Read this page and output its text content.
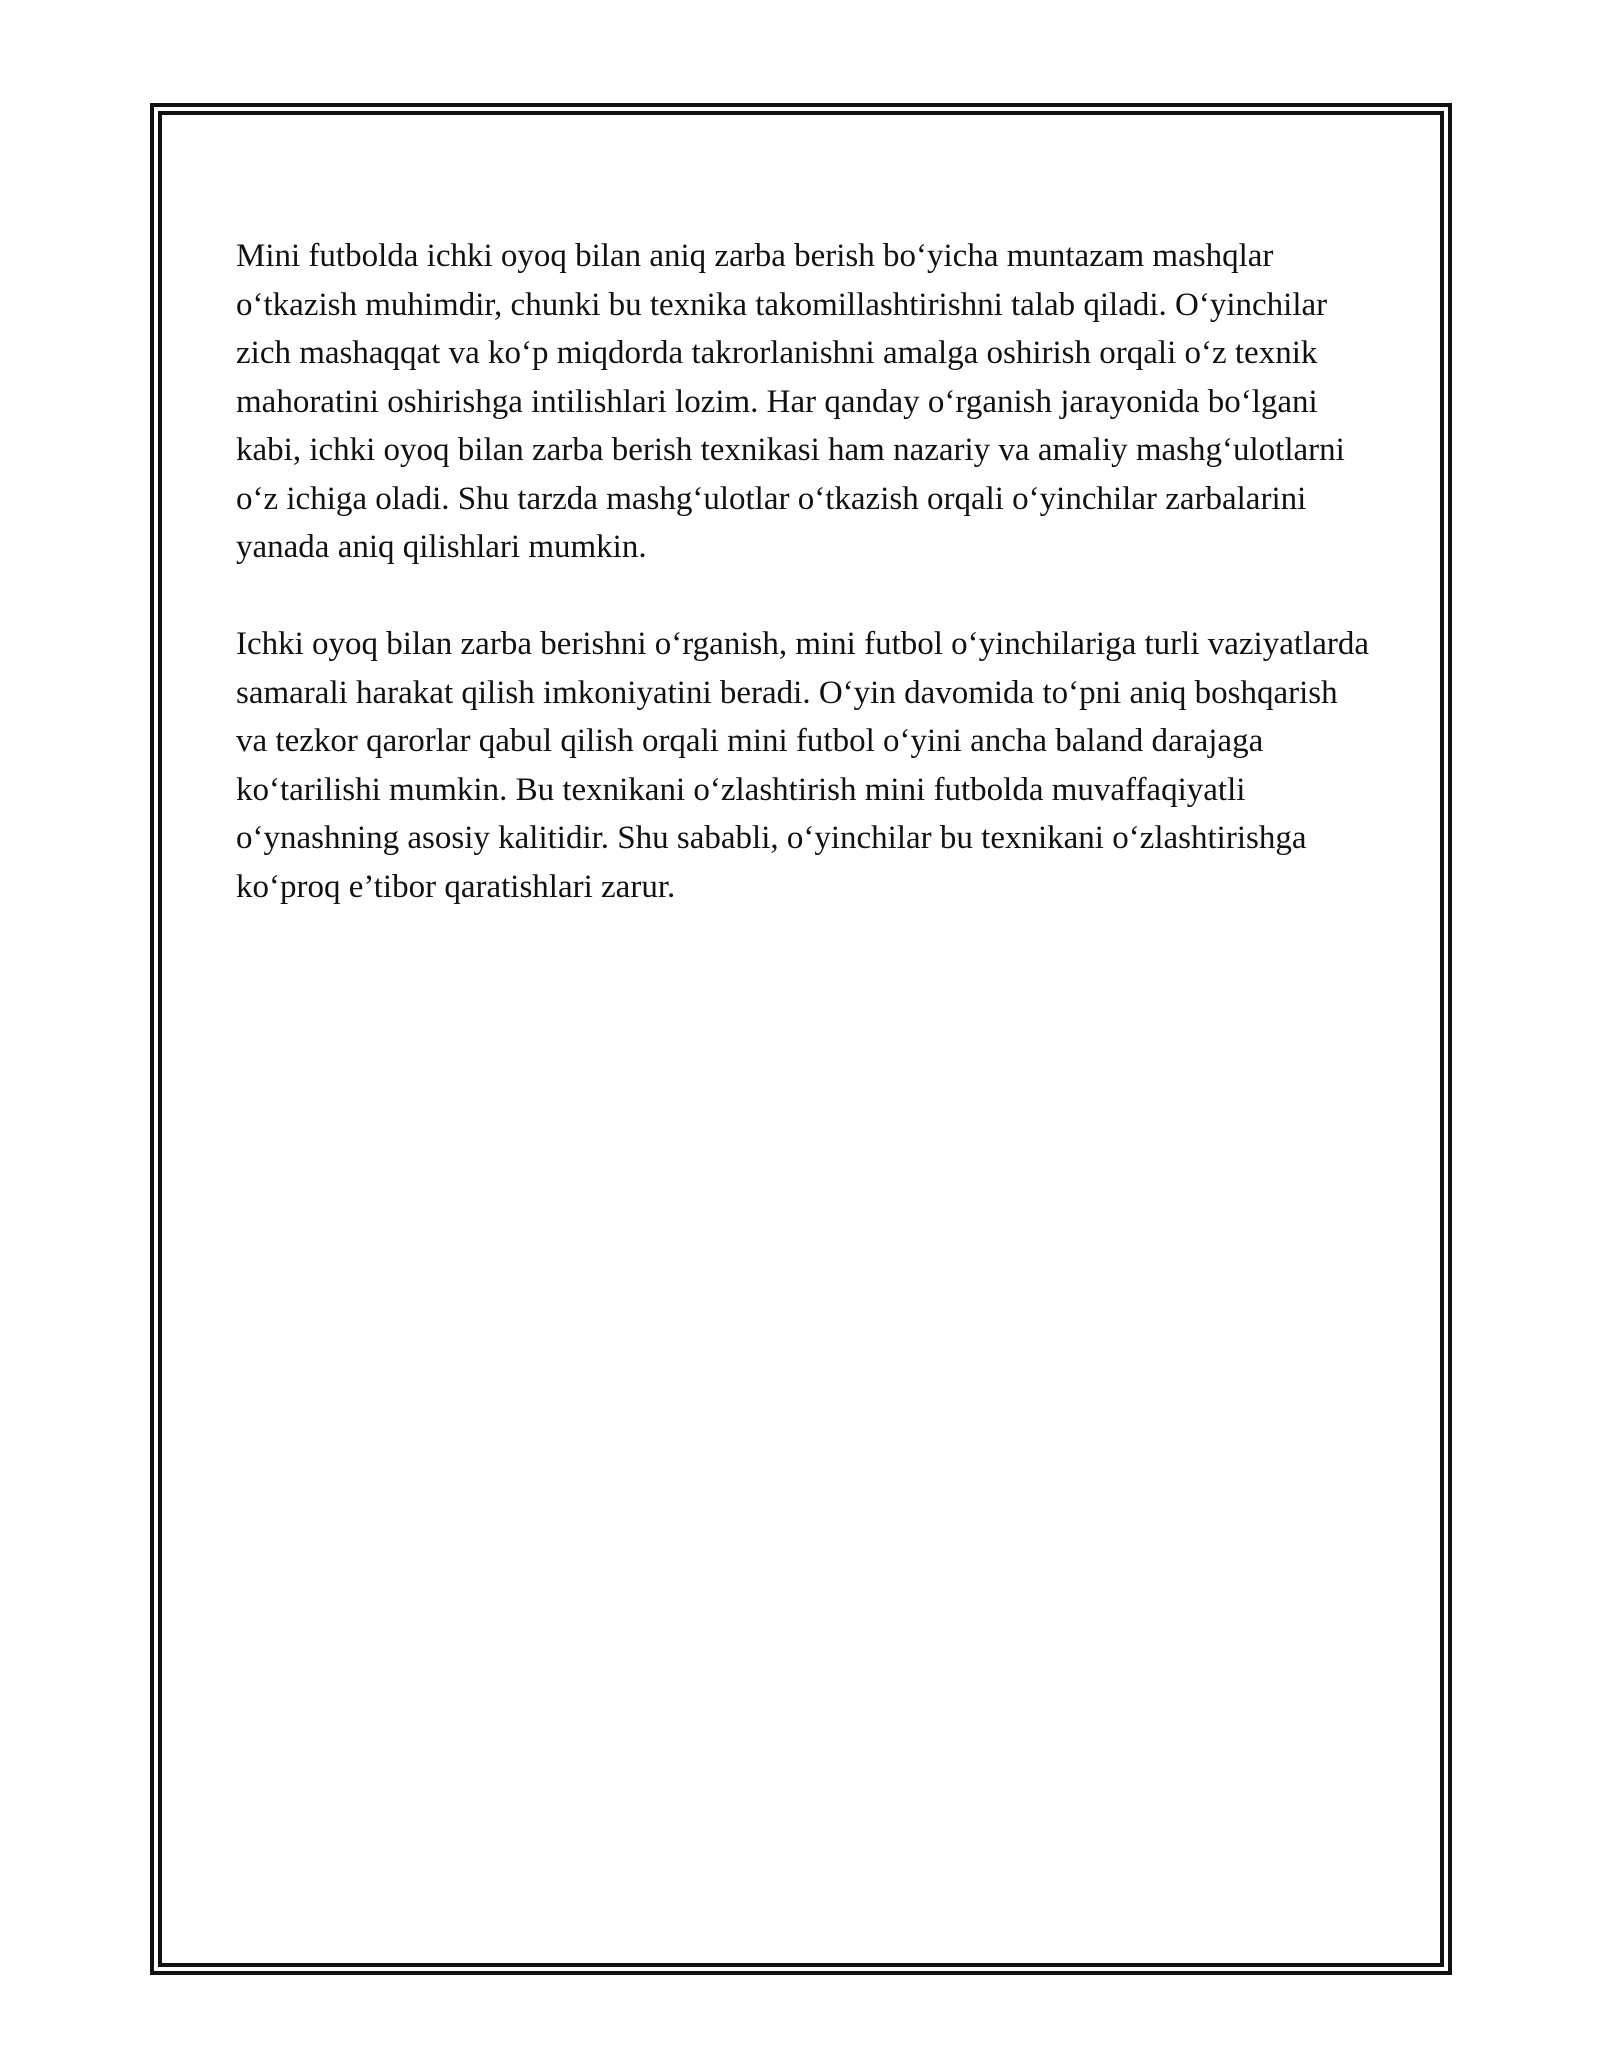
Mini futbolda ichki oyoq bilan aniq zarba berish bo‘yicha muntazam mashqlar o‘tkazish muhimdir, chunki bu texnika takomillashtirishni talab qiladi. O‘yinchilar zich mashaqqat va ko‘p miqdorda takrorlanishni amalga oshirish orqali o‘z texnik mahoratini oshirishga intilishlari lozim. Har qanday o‘rganish jarayonida bo‘lgani kabi, ichki oyoq bilan zarba berish texnikasi ham nazariy va amaliy mashg‘ulotlarni o‘z ichiga oladi. Shu tarzda mashg‘ulotlar o‘tkazish orqali o‘yinchilar zarbalarini yanada aniq qilishlari mumkin.

Ichki oyoq bilan zarba berishni o‘rganish, mini futbol o‘yinchilariga turli vaziyatlarda samarali harakat qilish imkoniyatini beradi. O‘yin davomida to‘pni aniq boshqarish va tezkor qarorlar qabul qilish orqali mini futbol o‘yini ancha baland darajaga ko‘tarilishi mumkin. Bu texnikani o‘zlashtirish mini futbolda muvaffaqiyatli o‘ynashning asosiy kalitidir. Shu sababli, o‘yinchilar bu texnikani o‘zlashtirishga ko‘proq e’tibor qaratishlari zarur.
